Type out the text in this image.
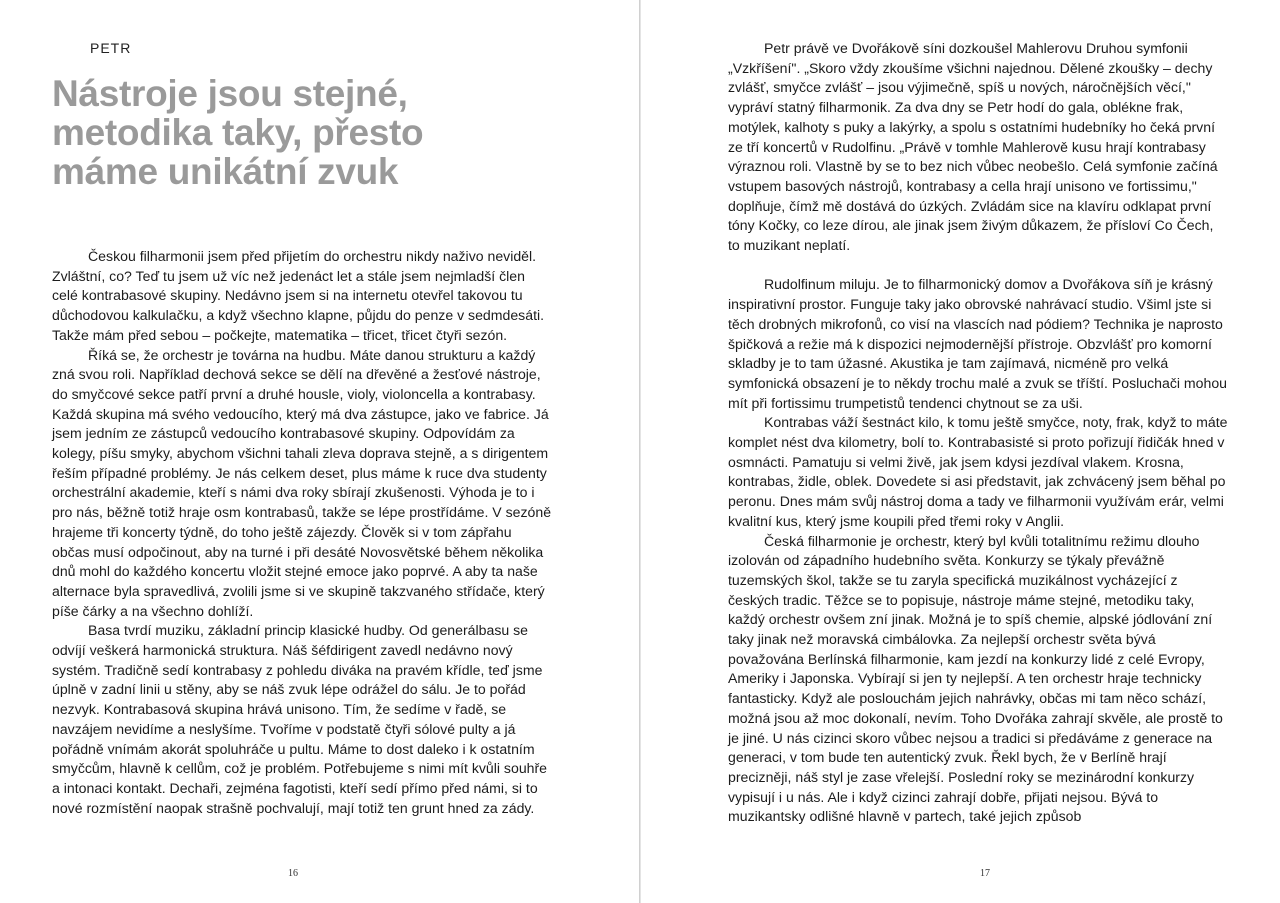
PETR
Nástroje jsou stejné, metodika taky, přesto máme unikátní zvuk

Českou filharmonii jsem před přijetím do orchestru nikdy naživo neviděl. Zvláštní, co? Teď tu jsem už víc než jedenáct let a stále jsem nejmladší člen celé kontrabasové skupiny. Nedávno jsem si na internetu otevřel takovou tu důchodovou kalkulačku, a když všechno klapne, půjdu do penze v sedmdesáti. Takže mám před sebou – počkejte, matematika – třicet, třicet čtyři sezón.

Říká se, že orchestr je továrna na hudbu. Máte danou strukturu a každý zná svou roli. Například dechová sekce se dělí na dřevěné a žesťové nástroje, do smyčcové sekce patří první a druhé housle, violy, violoncella a kontrabasy. Každá skupina má svého vedoucího, který má dva zástupce, jako ve fabrice. Já jsem jedním ze zástupců vedoucího kontrabasové skupiny. Odpovídám za kolegy, píšu smyky, abychom všichni tahali zleva doprava stejně, a s dirigentem řeším případné problémy. Je nás celkem deset, plus máme k ruce dva studenty orchestrální akademie, kteří s námi dva roky sbírají zkušenosti. Výhoda je to i pro nás, běžně totiž hraje osm kontrabasů, takže se lépe prostřídáme. V sezóně hrajeme tři koncerty týdně, do toho ještě zájezdy. Člověk si v tom zápřahu občas musí odpočinout, aby na turné i při desáté Novosvětské během několika dnů mohl do každého koncertu vložit stejné emoce jako poprvé. A aby ta naše alternace byla spravedlivá, zvolili jsme si ve skupině takzvaného střídače, který píše čárky a na všechno dohlíží.

Basa tvrdí muziku, základní princip klasické hudby. Od generálbasu se odvíjí veškerá harmonická struktura. Náš šéfdirigent zavedl nedávno nový systém. Tradičně sedí kontrabasy z pohledu diváka na pravém křídle, teď jsme úplně v zadní linii u stěny, aby se náš zvuk lépe odrážel do sálu. Je to pořád nezvyk. Kontrabasová skupina hrává unisono. Tím, že sedíme v řadě, se navzájem nevidíme a neslyšíme. Tvoříme v podstatě čtyři sólové pulty a já pořádně vnímám akorát spoluhráče u pultu. Máme to dost daleko i k ostatním smyčcům, hlavně k cellům, což je problém. Potřebujeme s nimi mít kvůli souhře a intonaci kontakt. Dechaři, zejména fagotisti, kteří sedí přímo před námi, si to nové rozmístění naopak strašně pochvalují, mají totiž ten grunt hned za zády.

16

Petr právě ve Dvořákově síni dozkoušel Mahlerovu Druhou symfonii „Vzkříšení". „Skoro vždy zkoušíme všichni najednou. Dělené zkoušky – dechy zvlášť, smyčce zvlášť – jsou výjimečně, spíš u nových, náročnějších věcí," vypráví statný filharmonik. Za dva dny se Petr hodí do gala, oblékne frak, motýlek, kalhoty s puky a lakýrky, a spolu s ostatními hudebníky ho čeká první ze tří koncertů v Rudolfinu. „Právě v tomhle Mahlerově kusu hrají kontrabasy výraznou roli. Vlastně by se to bez nich vůbec neobešlo. Celá symfonie začíná vstupem basových nástrojů, kontrabasy a cella hrají unisono ve fortissimu," doplňuje, čímž mě dostává do úzkých. Zvládám sice na klavíru odklapat první tóny Kočky, co leze dírou, ale jinak jsem živým důkazem, že přísloví Co Čech, to muzikant neplatí.

Rudolfinum miluju. Je to filharmonický domov a Dvořákova síň je krásný inspirativní prostor. Funguje taky jako obrovské nahrávací studio. Všiml jste si těch drobných mikrofonů, co visí na vlascích nad pódiem? Technika je naprosto špičková a režie má k dispozici nejmodernější přístroje. Obzvlášť pro komorní skladby je to tam úžasné. Akustika je tam zajímavá, nicméně pro velká symfonická obsazení je to někdy trochu malé a zvuk se tříští. Posluchači mohou mít při fortissimu trumpetistů tendenci chytnout se za uši.

Kontrabas váží šestnáct kilo, k tomu ještě smyčce, noty, frak, když to máte komplet nést dva kilometry, bolí to. Kontrabasisté si proto pořizují řidičák hned v osmnácti. Pamatuju si velmi živě, jak jsem kdysi jezdíval vlakem. Krosna, kontrabas, židle, oblek. Dovedete si asi představit, jak zchvácený jsem běhal po peronu. Dnes mám svůj nástroj doma a tady ve filharmonii využívám erár, velmi kvalitní kus, který jsme koupili před třemi roky v Anglii.

Česká filharmonie je orchestr, který byl kvůli totalitnímu režimu dlouho izolován od západního hudebního světa. Konkurzy se týkaly převážně tuzemských škol, takže se tu zaryla specifická muzikálnost vycházející z českých tradic. Těžce se to popisuje, nástroje máme stejné, metodiku taky, každý orchestr ovšem zní jinak. Možná je to spíš chemie, alpské jódlování zní taky jinak než moravská cimbálovka. Za nejlepší orchestr světa bývá považována Berlínská filharmonie, kam jezdí na konkurzy lidé z celé Evropy, Ameriky i Japonska. Vybírají si jen ty nejlepší. A ten orchestr hraje technicky fantasticky. Když ale poslouchám jejich nahrávky, občas mi tam něco schází, možná jsou až moc dokonalí, nevím. Toho Dvořáka zahrají skvěle, ale prostě to je jiné. U nás cizinci skoro vůbec nejsou a tradici si předáváme z generace na generaci, v tom bude ten autentický zvuk. Řekl bych, že v Berlíně hrají precizněji, náš styl je zase vřelejší. Poslední roky se mezinárodní konkurzy vypisují i u nás. Ale i když cizinci zahrají dobře, přijati nejsou. Bývá to muzikantsky odlišné hlavně v partech, také jejich způsob

17
